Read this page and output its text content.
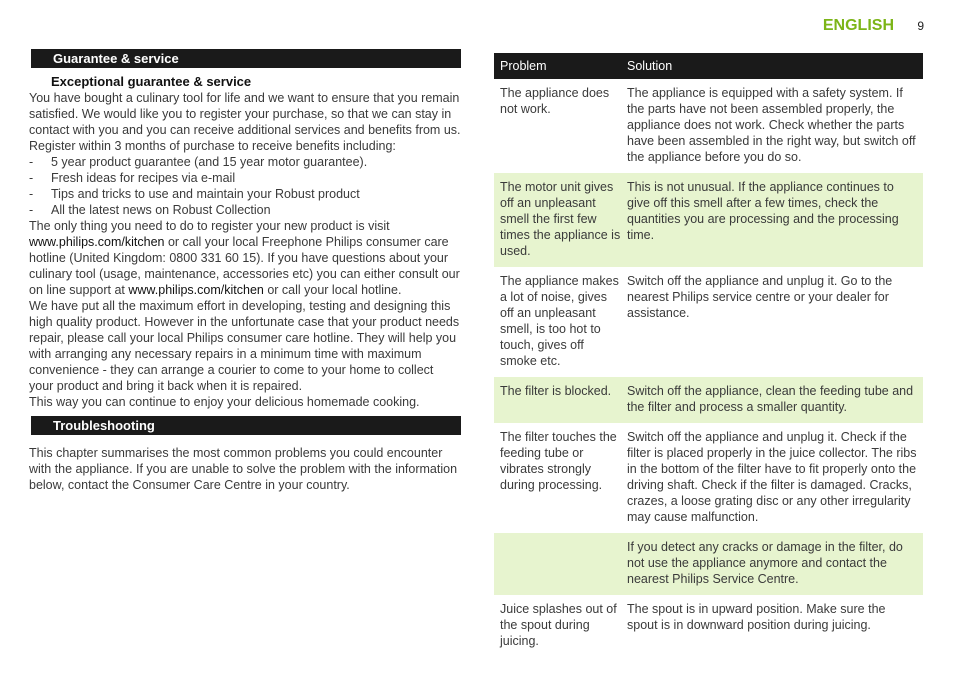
ENGLISH 9
Guarantee & service
Exceptional guarantee & service

You have bought a culinary tool for life and we want to ensure that you remain satisfied. We would like you to register your purchase, so that we can stay in contact with you and you can receive additional services and benefits from us. Register within 3 months of purchase to receive benefits including:

- 5 year product guarantee (and 15 year motor guarantee).
- Fresh ideas for recipes via e-mail
- Tips and tricks to use and maintain your Robust product
- All the latest news on Robust Collection

The only thing you need to do to register your new product is visit www.philips.com/kitchen or call your local Freephone Philips consumer care hotline (United Kingdom: 0800 331 60 15). If you have questions about your culinary tool (usage, maintenance, accessories etc) you can either consult our on line support at www.philips.com/kitchen or call your local hotline.

We have put all the maximum effort in developing, testing and designing this high quality product. However in the unfortunate case that your product needs repair, please call your local Philips consumer care hotline. They will help you with arranging any necessary repairs in a minimum time with maximum convenience - they can arrange a courier to come to your home to collect your product and bring it back when it is repaired.

This way you can continue to enjoy your delicious homemade cooking.

Troubleshooting

This chapter summarises the most common problems you could encounter with the appliance. If you are unable to solve the problem with the information below, contact the Consumer Care Centre in your country.

Problem	Solution
The appliance does not work.
The appliance is equipped with a safety system. If the parts have not been assembled properly, the appliance does not work. Check whether the parts have been assembled in the right way, but switch off the appliance before you do so.
The motor unit gives off an unpleasant smell the first few times the appliance is used.
This is not unusual. If the appliance continues to give off this smell after a few times, check the quantities you are processing and the processing time.
The appliance makes a lot of noise, gives off an unpleasant smell, is too hot to touch, gives off smoke etc.
Switch off the appliance and unplug it. Go to the nearest Philips service centre or your dealer for assistance.
The filter is blocked.	Switch off the appliance, clean the feeding tube and the filter and process a smaller quantity.
The filter touches the feeding tube or vibrates strongly during processing.
Switch off the appliance and unplug it. Check if the filter is placed properly in the juice collector. The ribs in the bottom of the filter have to fit properly onto the driving shaft. Check if the filter is damaged. Cracks, crazes, a loose grating disc or any other irregularity may cause malfunction.
If you detect any cracks or damage in the filter, do not use the appliance anymore and contact the nearest Philips Service Centre.
Juice splashes out of the spout during juicing.
The spout is in upward position. Make sure the spout is in downward position during juicing.
